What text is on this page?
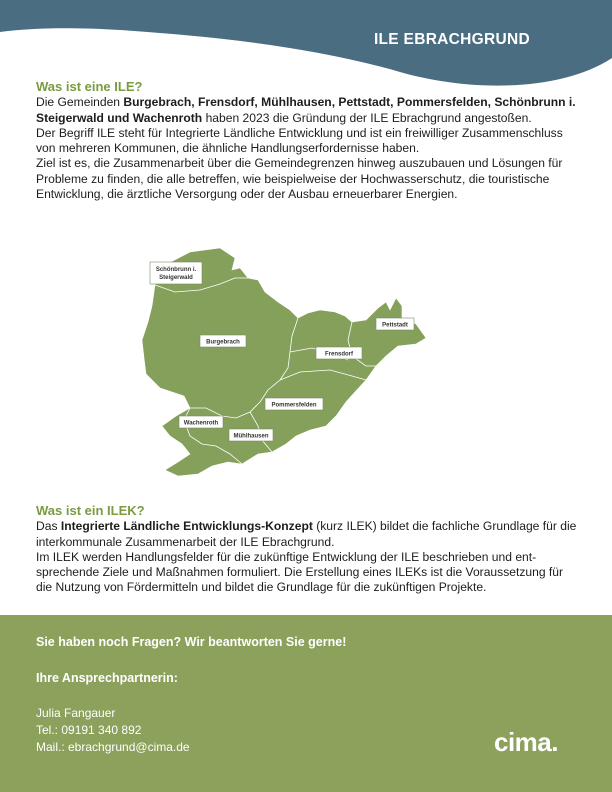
ILE EBRACHGRUND
Was ist eine ILE?

Die Gemeinden Burgebrach, Frensdorf, Mühlhausen, Pettstadt, Pommersfelden, Schönbrunn i. Steigerwald und Wachenroth haben 2023 die Gründung der ILE Ebrachgrund angestoßen.

Der Begriff ILE steht für Integrierte Ländliche Entwicklung und ist ein freiwilliger Zusammenschluss von mehreren Kommunen, die ähnliche Handlungserfordernisse haben.

Ziel ist es, die Zusammenarbeit über die Gemeindegrenzen hinweg auszubauen und Lösungen für Probleme zu finden, die alle betreffen, wie beispielweise der Hochwasserschutz, die touristische Entwicklung, die ärztliche Versorgung oder der Ausbau erneuerbarer Energien.

Schönbrunn i.
Steigerwald
Burgebrach
Pettstadt
Frensdorf
Pommersfelden
Wachenroth
Mühlhausen
Was ist ein ILEK?

Das Integrierte Ländliche Entwicklungs-Konzept (kurz ILEK) bildet die fachliche Grundlage für die interkommunale Zusammenarbeit der ILE Ebrachgrund.

Im ILEK werden Handlungsfelder für die zukünftige Entwicklung der ILE beschrieben und entsprechende Ziele und Maßnahmen formuliert. Die Erstellung eines ILEKs ist die Voraussetzung für die Nutzung von Fördermitteln und bildet die Grundlage für die zukünftigen Projekte.

Sie haben noch Fragen? Wir beantworten Sie gerne!
Ihre Ansprechpartnerin:
Julia Fangauer
Tel.: 09191 340 892
Mail.: ebrachgrund@cima.de	cima.
